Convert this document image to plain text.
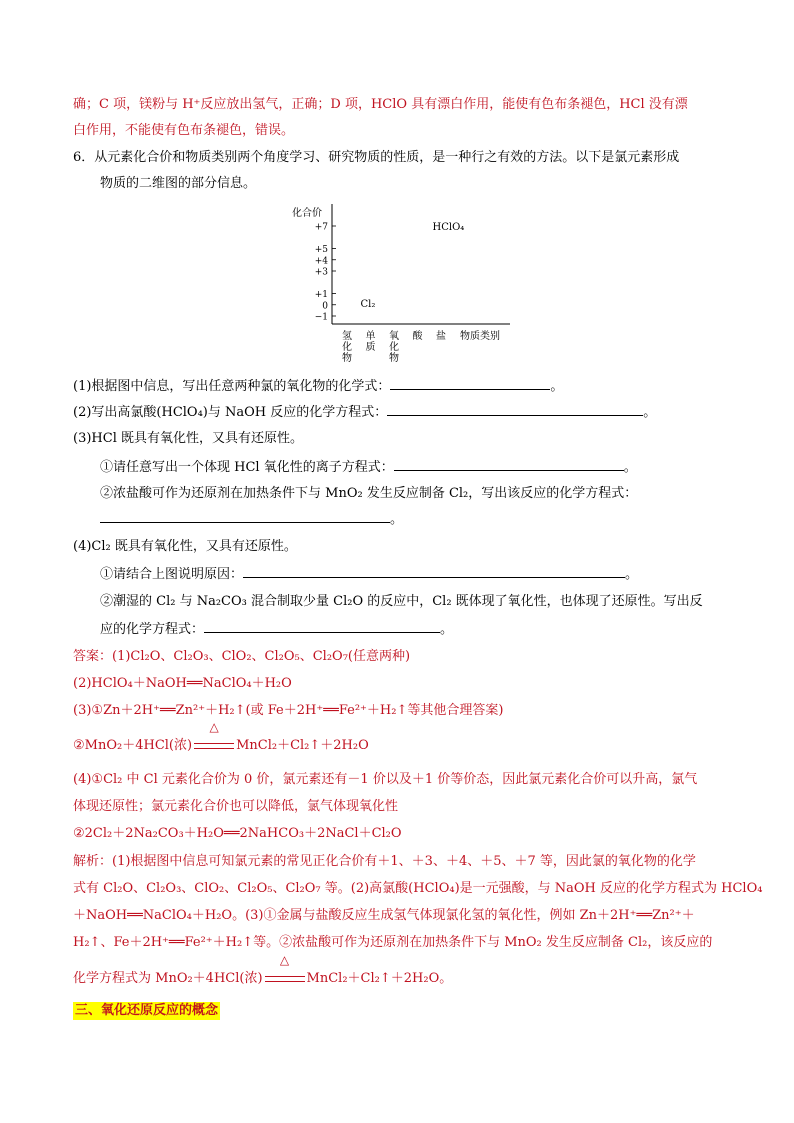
确；C 项，镁粉与 H⁺反应放出氢气，正确；D 项，HClO 具有漂白作用，能使有色布条褪色，HCl 没有漂
白作用，不能使有色布条褪色，错误。
6．从元素化合价和物质类别两个角度学习、研究物质的性质，是一种行之有效的方法。以下是氯元素形成
物质的二维图的部分信息。
化合价
+7
+5
+4
+3
+1
0
−1
氢
化
物
单
质
氧
化
物
酸 盐 物质类别
HClO₄
Cl₂
(1)根据图中信息，写出任意两种氯的氧化物的化学式：	。
(2)写出高氯酸(HClO₄)与 NaOH 反应的化学方程式：	。
(3)HCl 既具有氧化性，又具有还原性。
①请任意写出一个体现 HCl 氧化性的离子方程式：	。
②浓盐酸可作为还原剂在加热条件下与 MnO₂ 发生反应制备 Cl₂，写出该反应的化学方程式：
。
(4)Cl₂ 既具有氧化性，又具有还原性。
①请结合上图说明原因：	。
②潮湿的 Cl₂ 与 Na₂CO₃ 混合制取少量 Cl₂O 的反应中，Cl₂ 既体现了氧化性，也体现了还原性。写出反
应的化学方程式：	。
答案：(1)Cl₂O、Cl₂O₃、ClO₂、Cl₂O₅、Cl₂O₇(任意两种)
(2)HClO₄＋NaOH══NaClO₄＋H₂O
(3)①Zn＋2H⁺══Zn²⁺＋H₂↑(或 Fe＋2H⁺══Fe²⁺＋H₂↑等其他合理答案)
②MnO₂＋4HCl(浓)
△
MnCl₂＋Cl₂↑＋2H₂O
(4)①Cl₂ 中 Cl 元素化合价为 0 价，氯元素还有－1 价以及＋1 价等价态，因此氯元素化合价可以升高，氯气
体现还原性；氯元素化合价也可以降低，氯气体现氧化性
②2Cl₂＋2Na₂CO₃＋H₂O══2NaHCO₃＋2NaCl＋Cl₂O
解析：(1)根据图中信息可知氯元素的常见正化合价有＋1、＋3、＋4、＋5、＋7 等，因此氯的氧化物的化学
式有 Cl₂O、Cl₂O₃、ClO₂、Cl₂O₅、Cl₂O₇ 等。(2)高氯酸(HClO₄)是一元强酸，与 NaOH 反应的化学方程式为 HClO₄
＋NaOH══NaClO₄＋H₂O。(3)①金属与盐酸反应生成氢气体现氯化氢的氧化性，例如 Zn＋2H⁺══Zn²⁺＋
H₂↑、Fe＋2H⁺══Fe²⁺＋H₂↑等。②浓盐酸可作为还原剂在加热条件下与 MnO₂ 发生反应制备 Cl₂，该反应的
化学方程式为 MnO₂＋4HCl(浓)
△
MnCl₂＋Cl₂↑＋2H₂O。
三、氧化还原反应的概念
